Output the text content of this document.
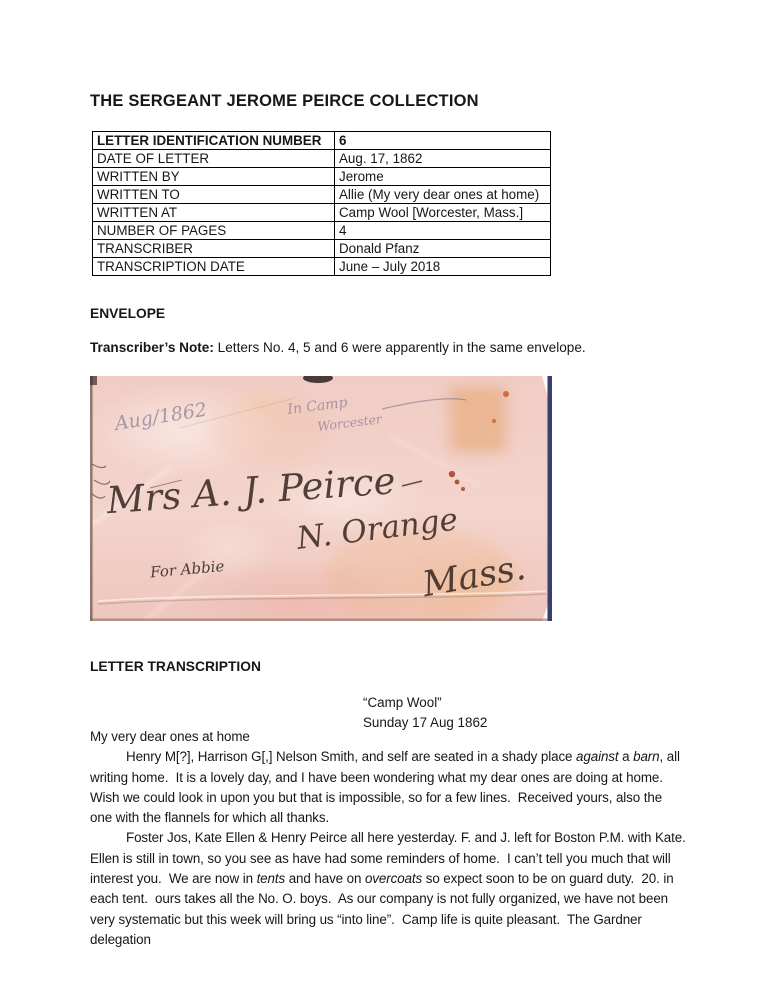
THE SERGEANT JEROME PEIRCE COLLECTION
LETTER IDENTIFICATION NUMBER	6
DATE OF LETTER	Aug. 17, 1862
WRITTEN BY	Jerome
WRITTEN TO	Allie (My very dear ones at home)
WRITTEN AT	Camp Wool [Worcester, Mass.]
NUMBER OF PAGES	4
TRANSCRIBER	Donald Pfanz
TRANSCRIPTION DATE	June – July 2018
ENVELOPE
Transcriber’s Note: Letters No. 4, 5 and 6 were apparently in the same envelope.
Aug/1862	In Camp
Worcester
Mrs A. J. Peirce
N. Orange
Mass.
For Abbie
LETTER TRANSCRIPTION
“Camp Wool”
Sunday 17 Aug 1862

My very dear ones at home

Henry M[?], Harrison G[,] Nelson Smith, and self are seated in a shady place against a barn, all writing home.  It is a lovely day, and I have been wondering what my dear ones are doing at home.  Wish we could look in upon you but that is impossible, so for a few lines.  Received yours, also the one with the flannels for which all thanks.

Foster Jos, Kate Ellen & Henry Peirce all here yesterday. F. and J. left for Boston P.M. with Kate.  Ellen is still in town, so you see as have had some reminders of home.  I can’t tell you much that will interest you.  We are now in tents and have on overcoats so expect soon to be on guard duty.  20. in each tent.  ours takes all the No. O. boys.  As our company is not fully organized, we have not been very systematic but this week will bring us “into line”.  Camp life is quite pleasant.  The Gardner delegation
